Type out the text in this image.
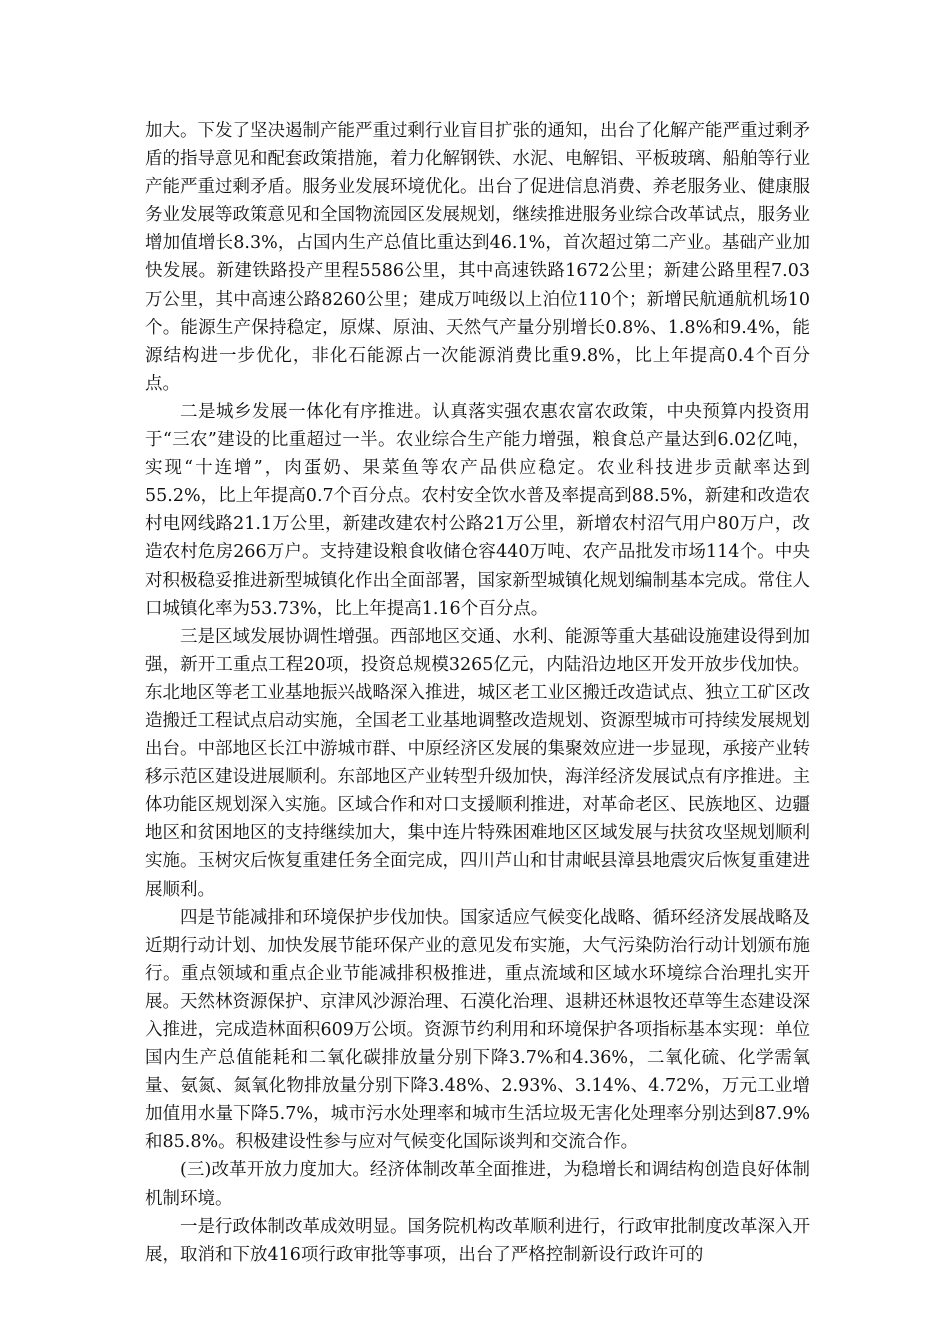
加大。下发了坚决遏制产能严重过剩行业盲目扩张的通知，出台了化解产能严重过剩矛盾的指导意见和配套政策措施，着力化解钢铁、水泥、电解铝、平板玻璃、船舶等行业产能严重过剩矛盾。服务业发展环境优化。出台了促进信息消费、养老服务业、健康服务业发展等政策意见和全国物流园区发展规划，继续推进服务业综合改革试点，服务业增加值增长8.3%，占国内生产总值比重达到46.1%，首次超过第二产业。基础产业加快发展。新建铁路投产里程5586公里，其中高速铁路1672公里；新建公路里程7.03万公里，其中高速公路8260公里；建成万吨级以上泊位110个；新增民航通航机场10个。能源生产保持稳定，原煤、原油、天然气产量分别增长0.8%、1.8%和9.4%，能源结构进一步优化，非化石能源占一次能源消费比重9.8%，比上年提高0.4个百分点。

二是城乡发展一体化有序推进。认真落实强农惠农富农政策，中央预算内投资用于“三农”建设的比重超过一半。农业综合生产能力增强，粮食总产量达到6.02亿吨，实现“十连增”，肉蛋奶、果菜鱼等农产品供应稳定。农业科技进步贡献率达到55.2%，比上年提高0.7个百分点。农村安全饮水普及率提高到88.5%，新建和改造农村电网线路21.1万公里，新建改建农村公路21万公里，新增农村沼气用户80万户，改造农村危房266万户。支持建设粮食收储仓容440万吨、农产品批发市场114个。中央对积极稳妥推进新型城镇化作出全面部署，国家新型城镇化规划编制基本完成。常住人口城镇化率为53.73%，比上年提高1.16个百分点。

三是区域发展协调性增强。西部地区交通、水利、能源等重大基础设施建设得到加强，新开工重点工程20项，投资总规模3265亿元，内陆沿边地区开发开放步伐加快。东北地区等老工业基地振兴战略深入推进，城区老工业区搬迁改造试点、独立工矿区改造搬迁工程试点启动实施，全国老工业基地调整改造规划、资源型城市可持续发展规划出台。中部地区长江中游城市群、中原经济区发展的集聚效应进一步显现，承接产业转移示范区建设进展顺利。东部地区产业转型升级加快，海洋经济发展试点有序推进。主体功能区规划深入实施。区域合作和对口支援顺利推进，对革命老区、民族地区、边疆地区和贫困地区的支持继续加大，集中连片特殊困难地区区域发展与扶贫攻坚规划顺利实施。玉树灾后恢复重建任务全面完成，四川芦山和甘肃岷县漳县地震灾后恢复重建进展顺利。

四是节能减排和环境保护步伐加快。国家适应气候变化战略、循环经济发展战略及近期行动计划、加快发展节能环保产业的意见发布实施，大气污染防治行动计划颁布施行。重点领域和重点企业节能减排积极推进，重点流域和区域水环境综合治理扎实开展。天然林资源保护、京津风沙源治理、石漠化治理、退耕还林退牧还草等生态建设深入推进，完成造林面积609万公顷。资源节约利用和环境保护各项指标基本实现：单位国内生产总值能耗和二氧化碳排放量分别下降3.7%和4.36%，二氧化硫、化学需氧量、氨氮、氮氧化物排放量分别下降3.48%、2.93%、3.14%、4.72%，万元工业增加值用水量下降5.7%，城市污水处理率和城市生活垃圾无害化处理率分别达到87.9%和85.8%。积极建设性参与应对气候变化国际谈判和交流合作。

(三)改革开放力度加大。经济体制改革全面推进，为稳增长和调结构创造良好体制机制环境。

一是行政体制改革成效明显。国务院机构改革顺利进行，行政审批制度改革深入开展，取消和下放416项行政审批等事项，出台了严格控制新设行政许可的
